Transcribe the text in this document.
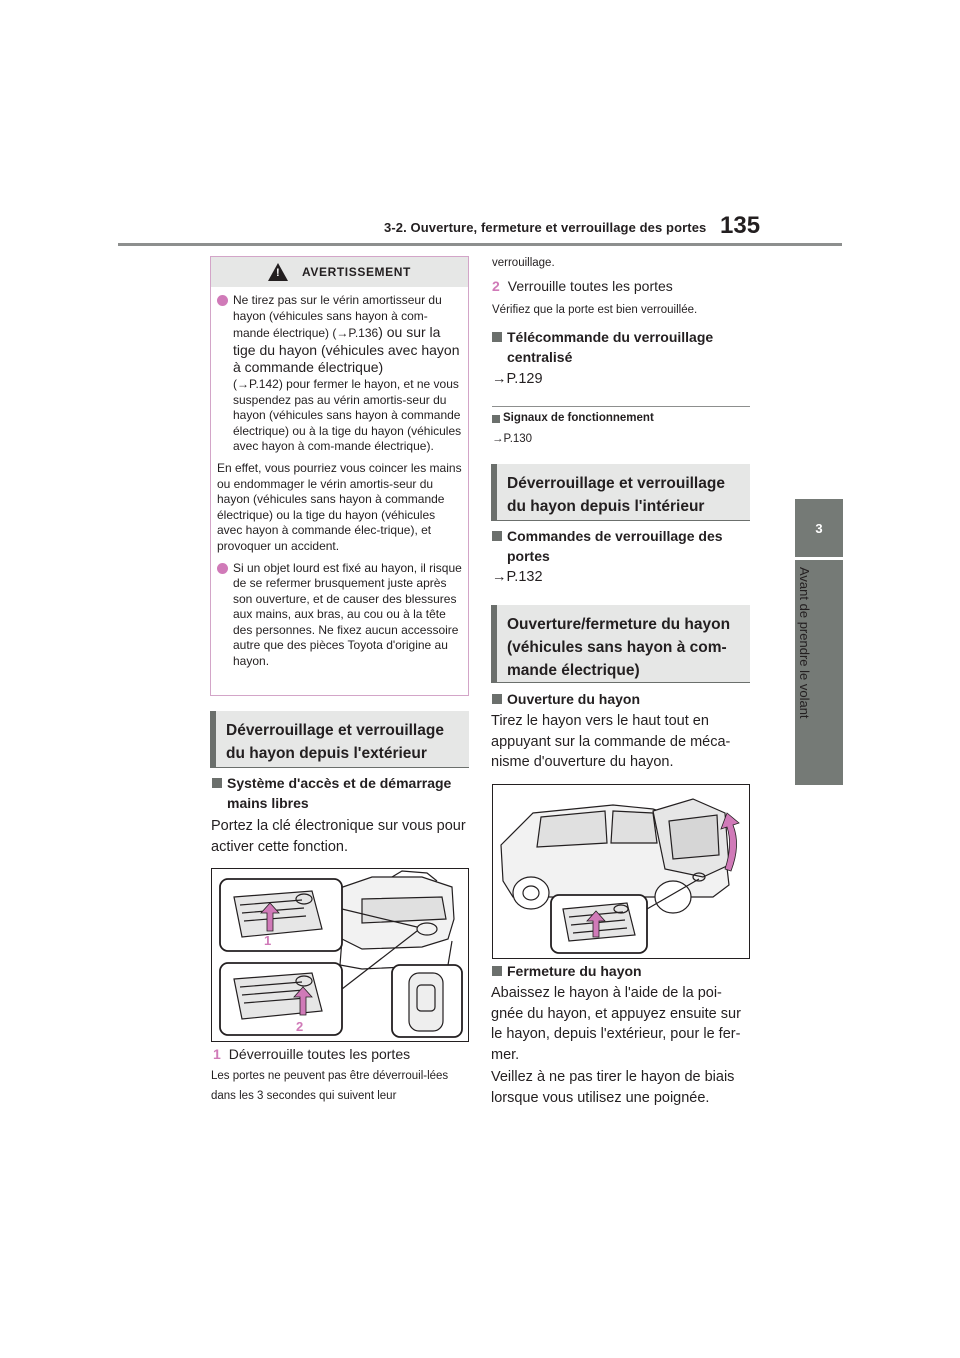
3-2. Ouverture, fermeture et verrouillage des portes 135
3
Avant de prendre le volant
!
AVERTISSEMENT
Ne tirez pas sur le vérin amortisseur du hayon (véhicules sans hayon à com-mande électrique) (→P.136) ou sur la tige du hayon (véhicules avec hayon à commande électrique)
(→P.142) pour fermer le hayon, et ne vous suspendez pas au vérin amortis-seur du hayon (véhicules sans hayon à commande électrique) ou à la tige du hayon (véhicules avec hayon à com-mande électrique).
En effet, vous pourriez vous coincer les mains ou endommager le vérin amortis-seur du hayon (véhicules sans hayon à commande électrique) ou la tige du hayon (véhicules avec hayon à commande élec-trique), et provoquer un accident.
Si un objet lourd est fixé au hayon, il risque de se refermer brusquement juste après son ouverture, et de causer des blessures aux mains, aux bras, au cou ou à la tête des personnes. Ne fixez aucun accessoire autre que des pièces Toyota d'origine au hayon.
Déverrouillage et verrouillage du hayon depuis l'extérieur
Système d'accès et de démarrage mains libres
Portez la clé électronique sur vous pour activer cette fonction.
1
2
1 Déverrouille toutes les portes
Les portes ne peuvent pas être déverrouil-lées dans les 3 secondes qui suivent leur
verrouillage.
2 Verrouille toutes les portes
Vérifiez que la porte est bien verrouillée.
Télécommande du verrouillage centralisé
→P.129
Signaux de fonctionnement
→P.130
Déverrouillage et verrouillage du hayon depuis l'intérieur
Commandes de verrouillage des portes
→P.132
Ouverture/fermeture du hayon (véhicules sans hayon à com-mande électrique)
Ouverture du hayon
Tirez le hayon vers le haut tout en appuyant sur la commande de méca-nisme d'ouverture du hayon.
Fermeture du hayon
Abaissez le hayon à l'aide de la poi-gnée du hayon, et appuyez ensuite sur le hayon, depuis l'extérieur, pour le fer-mer.
Veillez à ne pas tirer le hayon de biais lorsque vous utilisez une poignée.
